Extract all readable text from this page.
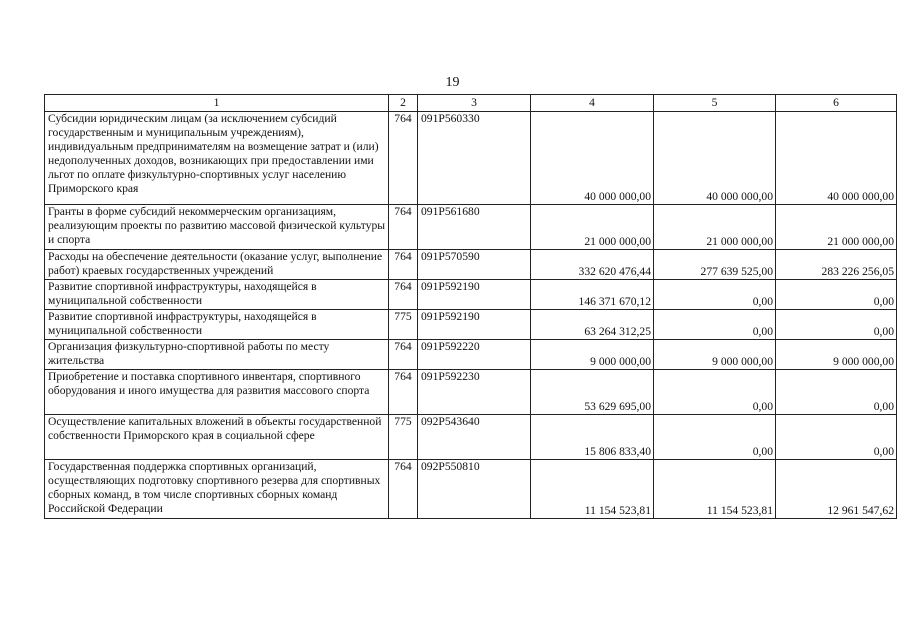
19
1	2	3	4	5	6
Субсидии юридическим лицам (за исключением субсидий государственным и муниципальным учреждениям), индивидуальным предпринимателям на возмещение затрат и (или) недополученных доходов, возникающих при предоставлении ими льгот по оплате физкультурно-спортивных услуг населению Приморского края	764	091Р560330	40 000 000,00	40 000 000,00	40 000 000,00
Гранты в форме субсидий некоммерческим организациям, реализующим проекты по развитию массовой физической культуры и спорта	764	091Р561680	21 000 000,00	21 000 000,00	21 000 000,00
Расходы на обеспечение деятельности (оказание услуг, выполнение работ) краевых государственных учреждений	764	091Р570590	332 620 476,44	277 639 525,00	283 226 256,05
Развитие спортивной инфраструктуры, находящейся в муниципальной собственности	764	091Р592190	146 371 670,12	0,00	0,00
Развитие спортивной инфраструктуры, находящейся в муниципальной собственности	775	091Р592190	63 264 312,25	0,00	0,00
Организация физкультурно-спортивной работы по месту жительства	764	091Р592220	9 000 000,00	9 000 000,00	9 000 000,00
Приобретение и поставка спортивного инвентаря, спортивного оборудования и иного имущества для развития массового спорта	764	091Р592230	53 629 695,00	0,00	0,00
Осуществление капитальных вложений в объекты государственной собственности Приморского края в социальной сфере	775	092Р543640	15 806 833,40	0,00	0,00
Государственная поддержка спортивных организаций, осуществляющих подготовку спортивного резерва для спортивных сборных команд, в том числе спортивных сборных команд Российской Федерации	764	092Р550810	11 154 523,81	11 154 523,81	12 961 547,62
